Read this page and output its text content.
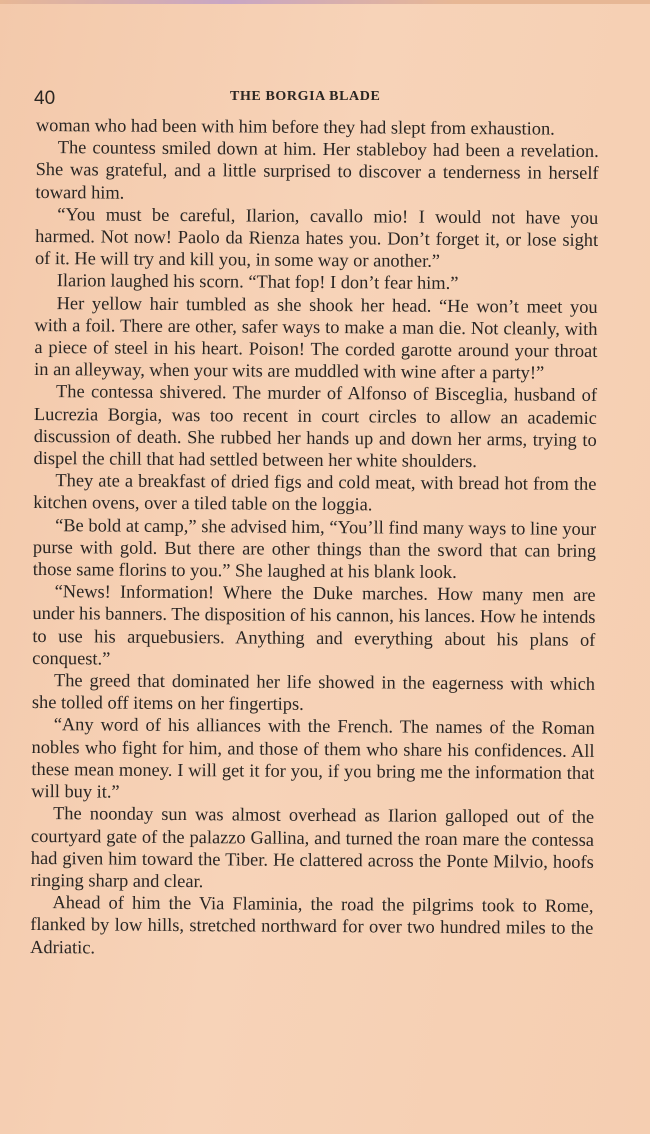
40	THE BORGIA BLADE

woman who had been with him before they had slept from exhaustion.

The countess smiled down at him. Her stableboy had been a revelation. She was grateful, and a little surprised to discover a tenderness in herself toward him.

“You must be careful, Ilarion, cavallo mio! I would not have you harmed. Not now! Paolo da Rienza hates you. Don’t forget it, or lose sight of it. He will try and kill you, in some way or another.”

Ilarion laughed his scorn. “That fop! I don’t fear him.”

Her yellow hair tumbled as she shook her head. “He won’t meet you with a foil. There are other, safer ways to make a man die. Not cleanly, with a piece of steel in his heart. Poison! The corded garotte around your throat in an alleyway, when your wits are muddled with wine after a party!”

The contessa shivered. The murder of Alfonso of Bisceglia, husband of Lucrezia Borgia, was too recent in court circles to allow an academic discussion of death. She rubbed her hands up and down her arms, trying to dispel the chill that had settled between her white shoulders.

They ate a breakfast of dried figs and cold meat, with bread hot from the kitchen ovens, over a tiled table on the loggia.

“Be bold at camp,” she advised him, “You’ll find many ways to line your purse with gold. But there are other things than the sword that can bring those same florins to you.” She laughed at his blank look.

“News! Information! Where the Duke marches. How many men are under his banners. The disposition of his cannon, his lances. How he intends to use his arquebusiers. Anything and everything about his plans of conquest.”

The greed that dominated her life showed in the eagerness with which she tolled off items on her fingertips.

“Any word of his alliances with the French. The names of the Roman nobles who fight for him, and those of them who share his confidences. All these mean money. I will get it for you, if you bring me the information that will buy it.”

The noonday sun was almost overhead as Ilarion galloped out of the courtyard gate of the palazzo Gallina, and turned the roan mare the contessa had given him toward the Tiber. He clattered across the Ponte Milvio, hoofs ringing sharp and clear.

Ahead of him the Via Flaminia, the road the pilgrims took to Rome, flanked by low hills, stretched northward for over two hundred miles to the Adriatic.
